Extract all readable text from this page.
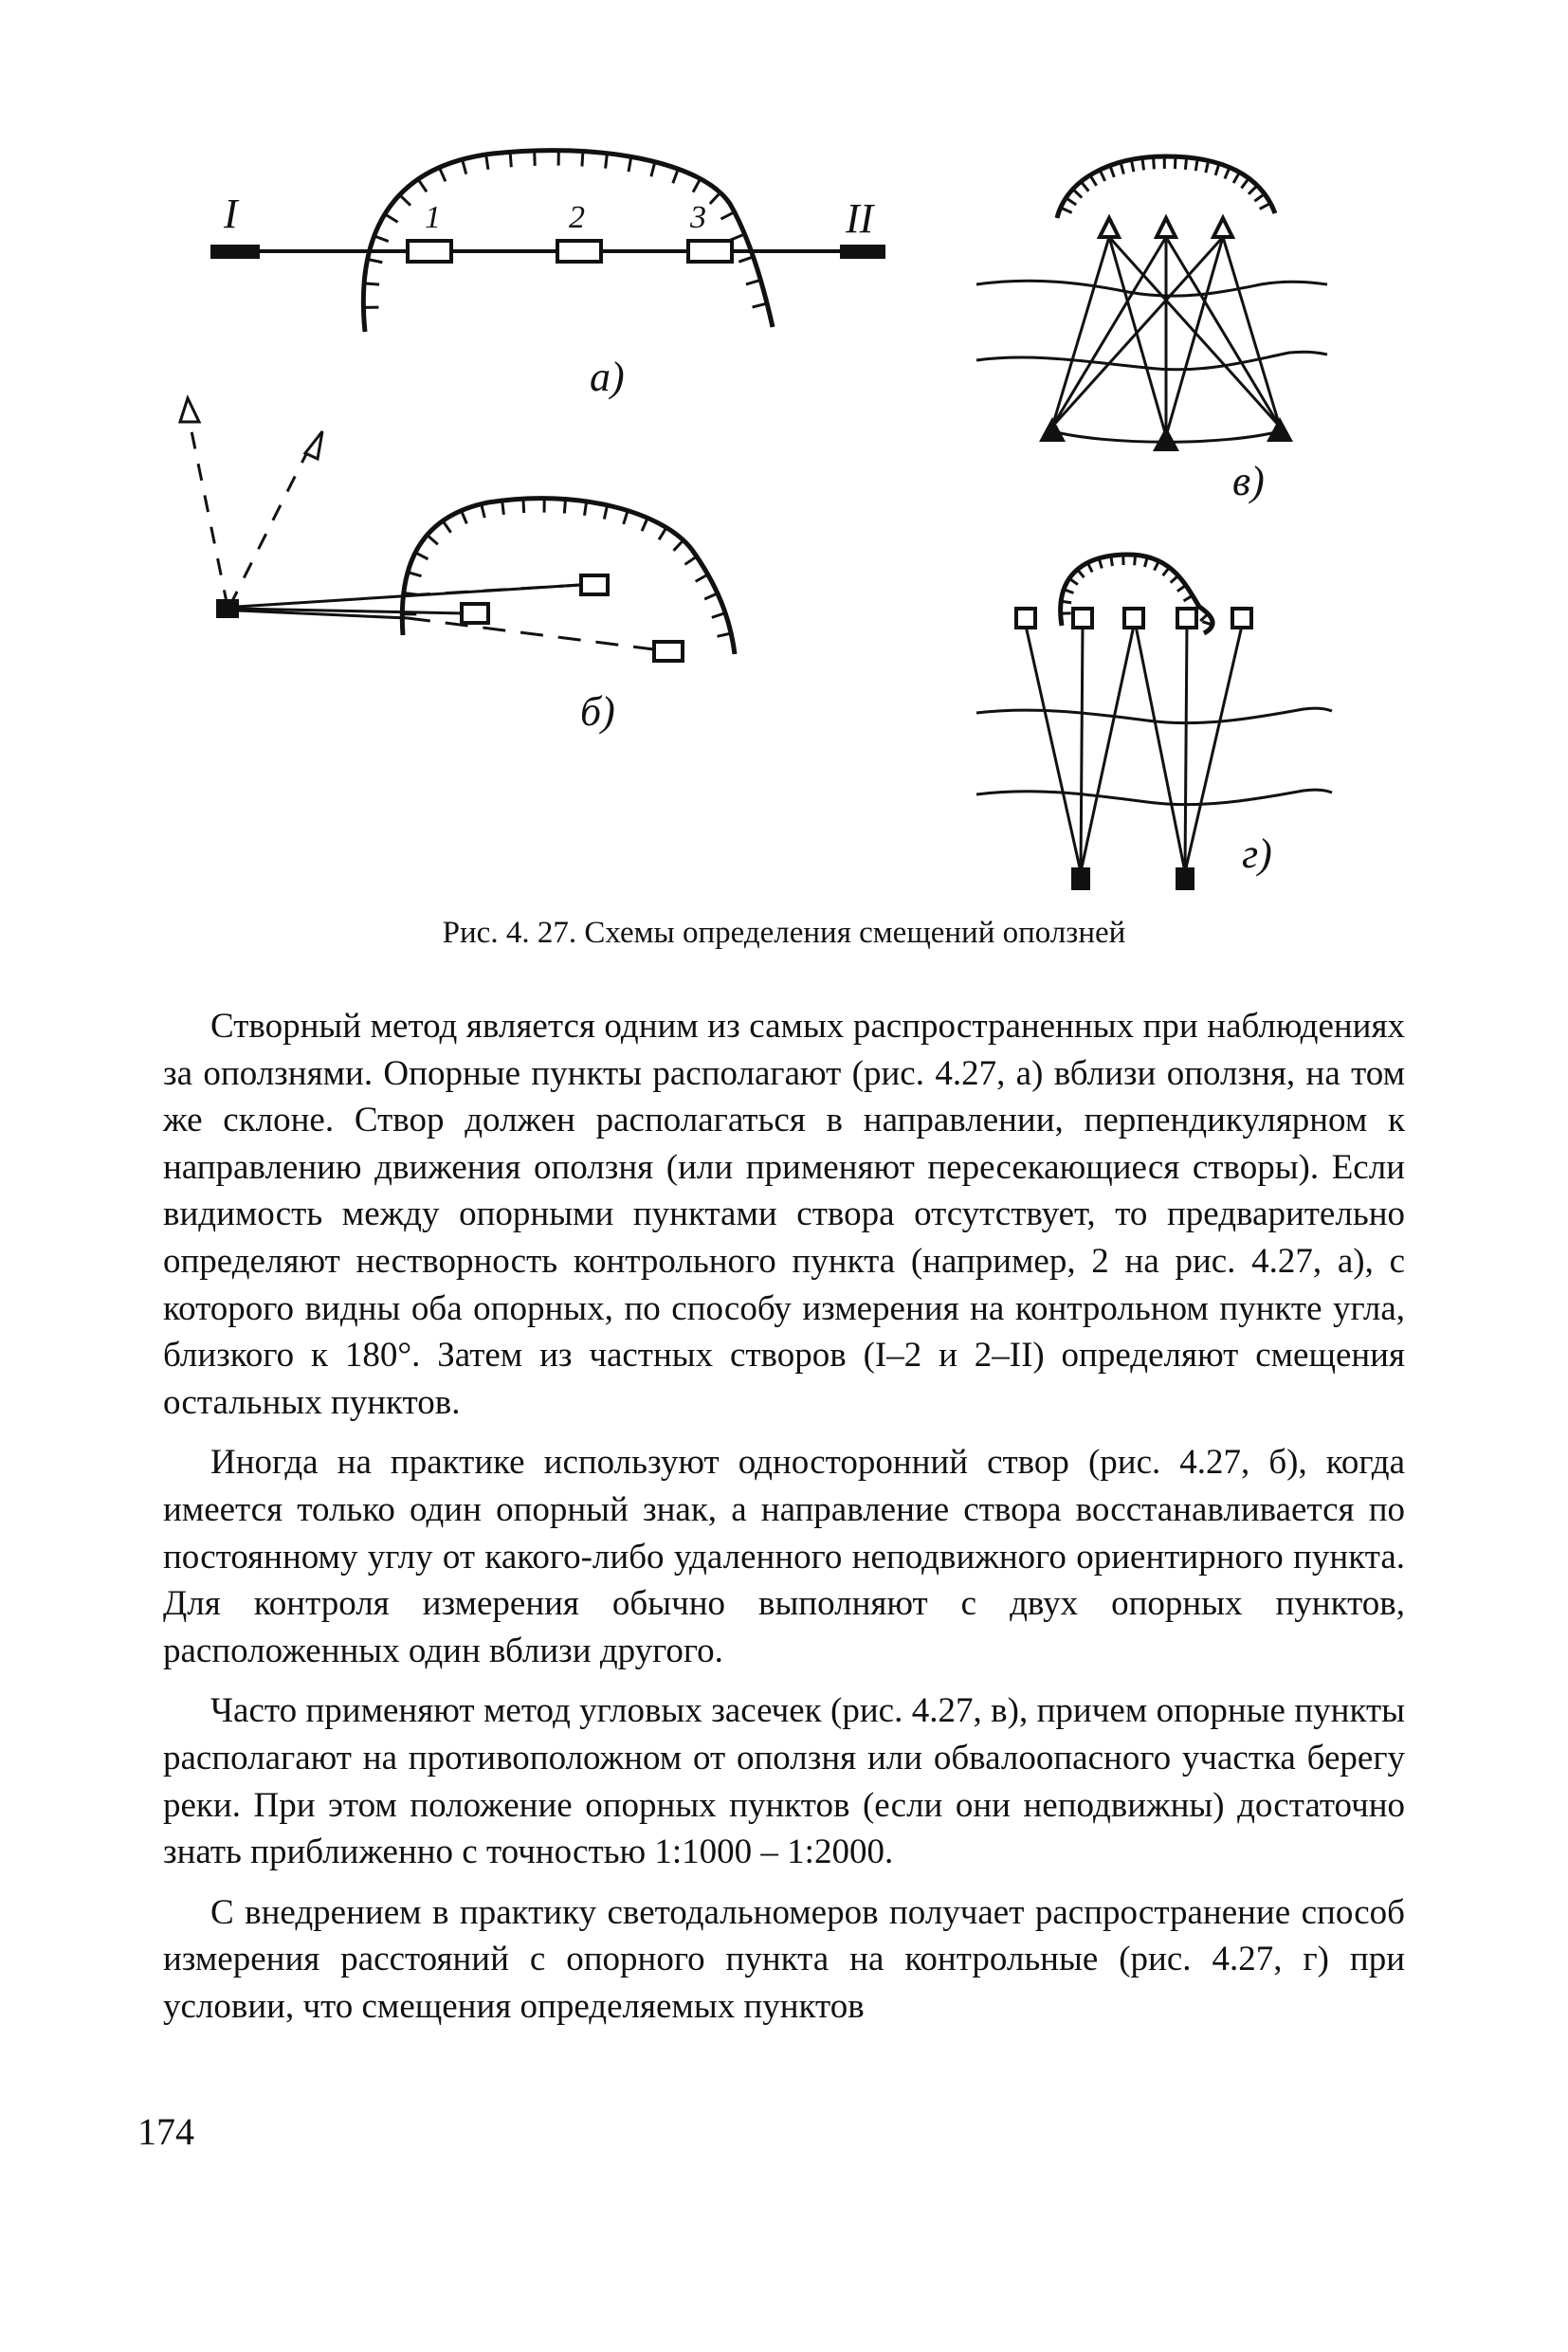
I	II
1	2	3
а)
б)
в)
г)
Рис. 4. 27. Схемы определения смещений оползней

Створный метод является одним из самых распространенных при наблюдениях за оползнями. Опорные пункты располагают (рис. 4.27, а) вблизи оползня, на том же склоне. Створ должен располагаться в направлении, перпендикулярном к направлению движения оползня (или применяют пересекающиеся створы). Если видимость между опорными пунктами створа отсутствует, то предварительно определяют нестворность контрольного пункта (например, 2 на рис. 4.27, а), с которого видны оба опорных, по способу измерения на контрольном пункте угла, близкого к 180°. Затем из частных створов (I–2 и 2–II) определяют смещения остальных пунктов.

Иногда на практике используют односторонний створ (рис. 4.27, б), когда имеется только один опорный знак, а направление створа восстанавливается по постоянному углу от какого-либо удаленного неподвижного ориентирного пункта. Для контроля измерения обычно выполняют с двух опорных пунктов, расположенных один вблизи другого.

Часто применяют метод угловых засечек (рис. 4.27, в), причем опорные пункты располагают на противоположном от оползня или обвалоопасного участка берегу реки. При этом положение опорных пунктов (если они неподвижны) достаточно знать приближенно с точностью 1:1000 – 1:2000.

С внедрением в практику светодальномеров получает распространение способ измерения расстояний с опорного пункта на контрольные (рис. 4.27, г) при условии, что смещения определяемых пунктов

174
